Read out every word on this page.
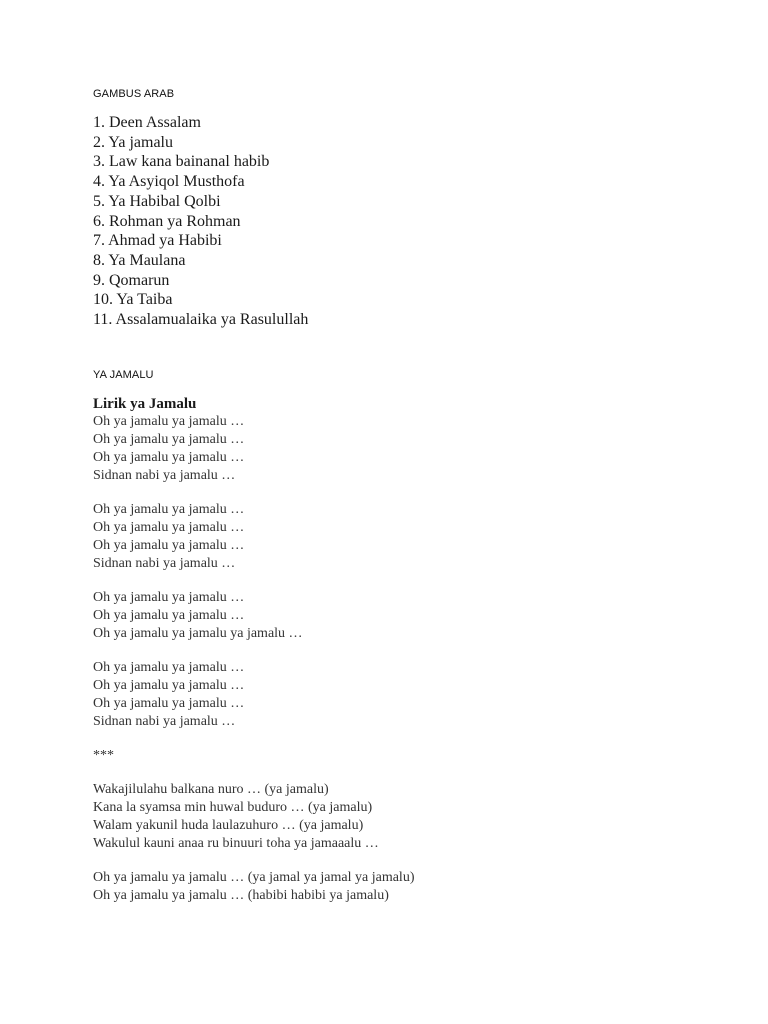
GAMBUS ARAB
1. Deen Assalam
2. Ya jamalu
3. Law kana bainanal habib
4. Ya Asyiqol Musthofa
5. Ya Habibal Qolbi
6. Rohman ya Rohman
7. Ahmad ya Habibi
8. Ya Maulana
9. Qomarun
10. Ya Taiba
11. Assalamualaika ya Rasulullah
YA JAMALU
Lirik ya Jamalu
Oh ya jamalu ya jamalu …
Oh ya jamalu ya jamalu …
Oh ya jamalu ya jamalu …
Sidnan nabi ya jamalu …
Oh ya jamalu ya jamalu …
Oh ya jamalu ya jamalu …
Oh ya jamalu ya jamalu …
Sidnan nabi ya jamalu …
Oh ya jamalu ya jamalu …
Oh ya jamalu ya jamalu …
Oh ya jamalu ya jamalu ya jamalu …
Oh ya jamalu ya jamalu …
Oh ya jamalu ya jamalu …
Oh ya jamalu ya jamalu …
Sidnan nabi ya jamalu …
***
Wakajilulahu balkana nuro … (ya jamalu)
Kana la syamsa min huwal buduro … (ya jamalu)
Walam yakunil huda laulazuhuro … (ya jamalu)
Wakulul kauni anaa ru binuuri toha ya jamaaalu …
Oh ya jamalu ya jamalu … (ya jamal ya jamal ya jamalu)
Oh ya jamalu ya jamalu … (habibi habibi ya jamalu)
